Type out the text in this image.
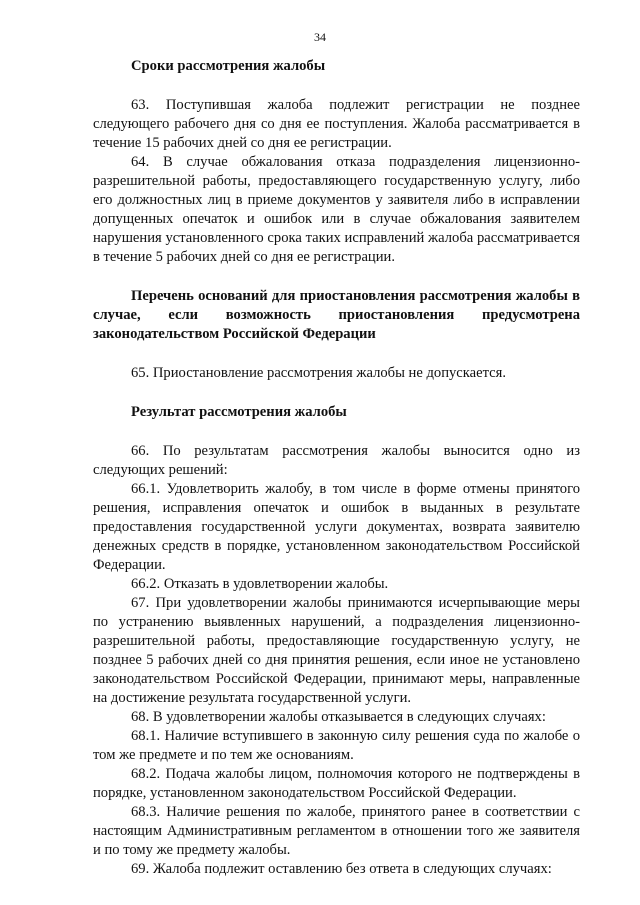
34
Сроки рассмотрения жалобы

63. Поступившая жалоба подлежит регистрации не позднее следующего рабочего дня со дня ее поступления. Жалоба рассматривается в течение 15 рабочих дней со дня ее регистрации.

64. В случае обжалования отказа подразделения лицензионно-разрешительной работы, предоставляющего государственную услугу, либо его должностных лиц в приеме документов у заявителя либо в исправлении допущенных опечаток и ошибок или в случае обжалования заявителем нарушения установленного срока таких исправлений жалоба рассматривается в течение 5 рабочих дней со дня ее регистрации.

Перечень оснований для приостановления рассмотрения жалобы в случае, если возможность приостановления предусмотрена законодательством Российской Федерации

65. Приостановление рассмотрения жалобы не допускается.

Результат рассмотрения жалобы

66. По результатам рассмотрения жалобы выносится одно из следующих решений:

66.1. Удовлетворить жалобу, в том числе в форме отмены принятого решения, исправления опечаток и ошибок в выданных в результате предоставления государственной услуги документах, возврата заявителю денежных средств в порядке, установленном законодательством Российской Федерации.

66.2. Отказать в удовлетворении жалобы.

67. При удовлетворении жалобы принимаются исчерпывающие меры по устранению выявленных нарушений, а подразделения лицензионно-разрешительной работы, предоставляющие государственную услугу, не позднее 5 рабочих дней со дня принятия решения, если иное не установлено законодательством Российской Федерации, принимают меры, направленные на достижение результата государственной услуги.

68. В удовлетворении жалобы отказывается в следующих случаях:

68.1. Наличие вступившего в законную силу решения суда по жалобе о том же предмете и по тем же основаниям.

68.2. Подача жалобы лицом, полномочия которого не подтверждены в порядке, установленном законодательством Российской Федерации.

68.3. Наличие решения по жалобе, принятого ранее в соответствии с настоящим Административным регламентом в отношении того же заявителя и по тому же предмету жалобы.

69. Жалоба подлежит оставлению без ответа в следующих случаях:
